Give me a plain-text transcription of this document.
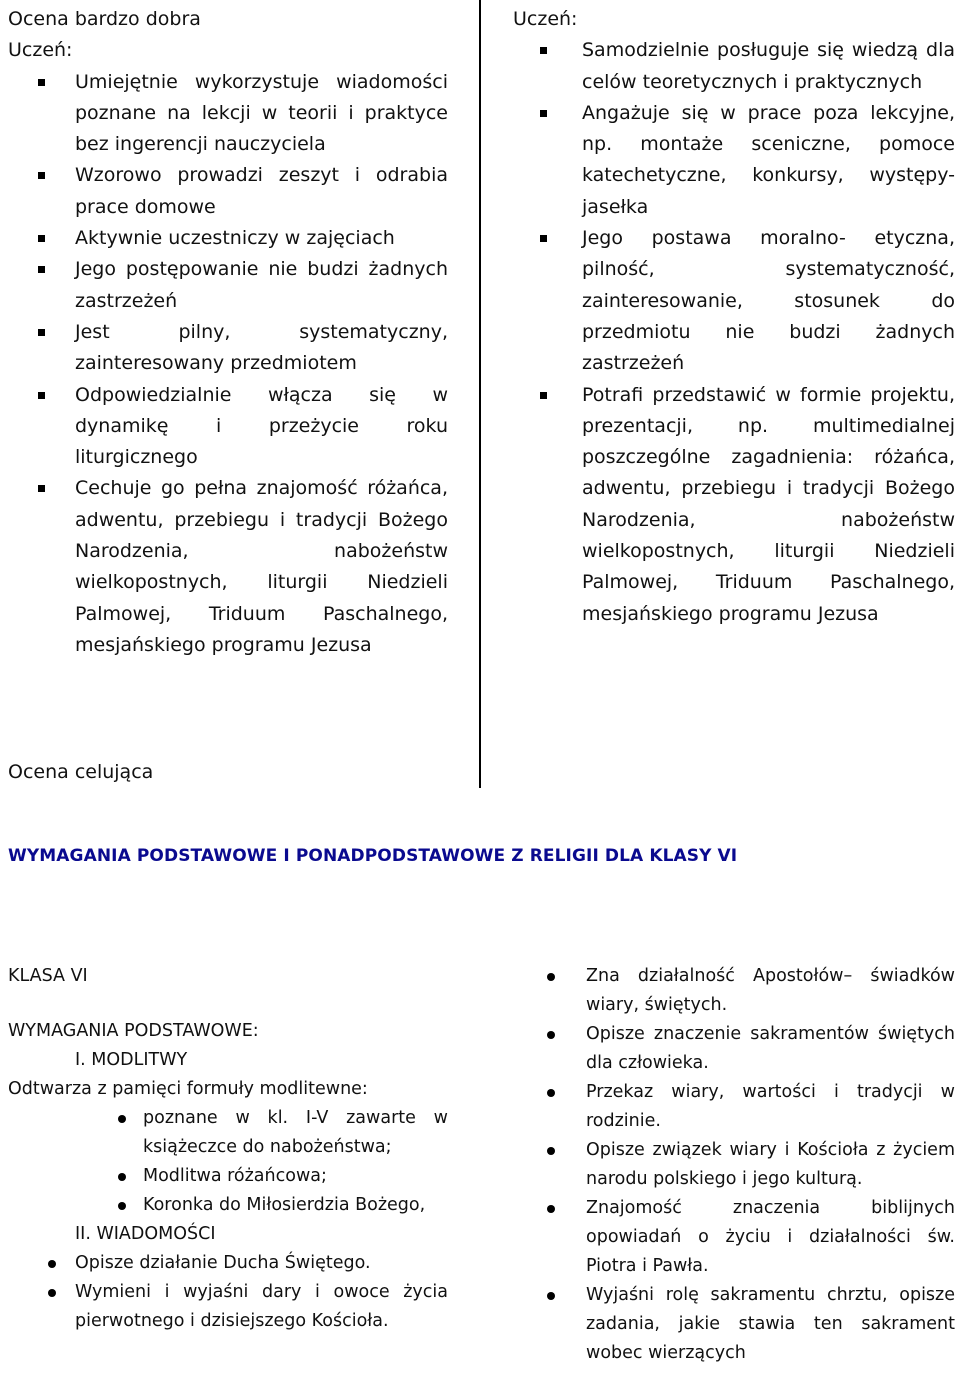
Ocena bardzo dobra
Uczeń:
Umiejętnie wykorzystuje wiadomości poznane na lekcji w teorii i praktyce bez ingerencji nauczyciela
Wzorowo prowadzi zeszyt i odrabia prace domowe
Aktywnie uczestniczy w zajęciach
Jego postępowanie nie budzi żadnych zastrzeżeń
Jest pilny, systematyczny, zainteresowany przedmiotem
Odpowiedzialnie włącza się w dynamikę i przeżycie roku liturgicznego
Cechuje go pełna znajomość różańca, adwentu, przebiegu i tradycji Bożego Narodzenia, nabożeństw wielkopostnych, liturgii Niedzieli Palmowej, Triduum Paschalnego, mesjańskiego programu Jezusa
Ocena celująca
Uczeń:
Samodzielnie posługuje się wiedzą dla celów teoretycznych i praktycznych
Angażuje się w prace poza lekcyjne, np. montaże sceniczne, pomoce katechetyczne, konkursy, występy- jasełka
Jego postawa moralno- etyczna, pilność, systematyczność, zainteresowanie, stosunek do przedmiotu nie budzi żadnych zastrzeżeń
Potrafi przedstawić w formie projektu, prezentacji, np. multimedialnej poszczególne zagadnienia: różańca, adwentu, przebiegu i tradycji Bożego Narodzenia, nabożeństw wielkopostnych, liturgii Niedzieli Palmowej, Triduum Paschalnego, mesjańskiego programu Jezusa
WYMAGANIA PODSTAWOWE I PONADPODSTAWOWE Z RELIGII DLA KLASY VI
KLASA VI
WYMAGANIA PODSTAWOWE:
I. MODLITWY
Odtwarza z pamięci formuły modlitewne:
poznane w kl. I-V zawarte w książeczce do nabożeństwa;
Modlitwa różańcowa;
Koronka do Miłosierdzia Bożego,
II. WIADOMOŚCI
Opisze działanie Ducha Świętego.
Wymieni i wyjaśni dary i owoce życia pierwotnego i dzisiejszego Kościoła.
Zna działalność Apostołów– świadków wiary, świętych.
Opisze znaczenie sakramentów świętych dla człowieka.
Przekaz wiary, wartości i tradycji w rodzinie.
Opisze związek wiary i Kościoła z życiem narodu polskiego i jego kulturą.
Znajomość znaczenia biblijnych opowiadań o życiu i działalności św. Piotra i Pawła.
Wyjaśni rolę sakramentu chrztu, opisze zadania, jakie stawia ten sakrament wobec wierzących
